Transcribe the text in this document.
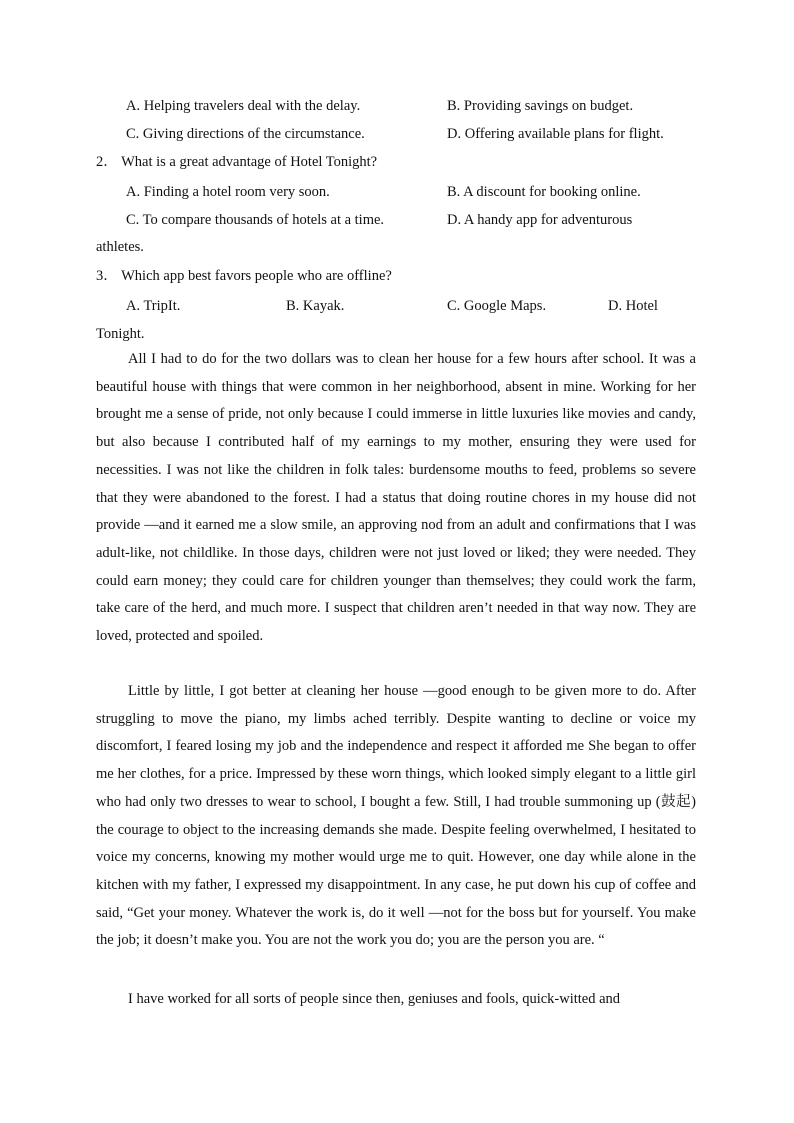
A. Helping travelers deal with the delay.	B. Providing savings on budget.
C. Giving directions of the circumstance.	D. Offering available plans for flight.
2． What is a great advantage of Hotel Tonight?
A. Finding a hotel room very soon.	B. A discount for booking online.
C. To compare thousands of hotels at a time.	D. A handy app for adventurous
athletes.
3． Which app best favors people who are offline?
A. TripIt.	B. Kayak.	C. Google Maps.	D. Hotel
Tonight.

All I had to do for the two dollars was to clean her house for a few hours after school. It was a beautiful house with things that were common in her neighborhood, absent in mine. Working for her brought me a sense of pride, not only because I could immerse in little luxuries like movies and candy, but also because I contributed half of my earnings to my mother, ensuring they were used for necessities. I was not like the children in folk tales: burdensome mouths to feed, problems so severe that they were abandoned to the forest. I had a status that doing routine chores in my house did not provide —and it earned me a slow smile, an approving nod from an adult and confirmations that I was adult-like, not childlike. In those days, children were not just loved or liked; they were needed. They could earn money; they could care for children younger than themselves; they could work the farm, take care of the herd, and much more. I suspect that children aren’t needed in that way now. They are loved, protected and spoiled.

Little by little, I got better at cleaning her house —good enough to be given more to do. After struggling to move the piano, my limbs ached terribly. Despite wanting to decline or voice my discomfort, I feared losing my job and the independence and respect it afforded me She began to offer me her clothes, for a price. Impressed by these worn things, which looked simply elegant to a little girl who had only two dresses to wear to school, I bought a few. Still, I had trouble summoning up (鼓起) the courage to object to the increasing demands she made. Despite feeling overwhelmed, I hesitated to voice my concerns, knowing my mother would urge me to quit. However, one day while alone in the kitchen with my father, I expressed my disappointment. In any case, he put down his cup of coffee and said, “Get your money. Whatever the work is, do it well —not for the boss but for yourself. You make the job; it doesn’t make you. You are not the work you do; you are the person you are. “

I have worked for all sorts of people since then, geniuses and fools, quick-witted and
